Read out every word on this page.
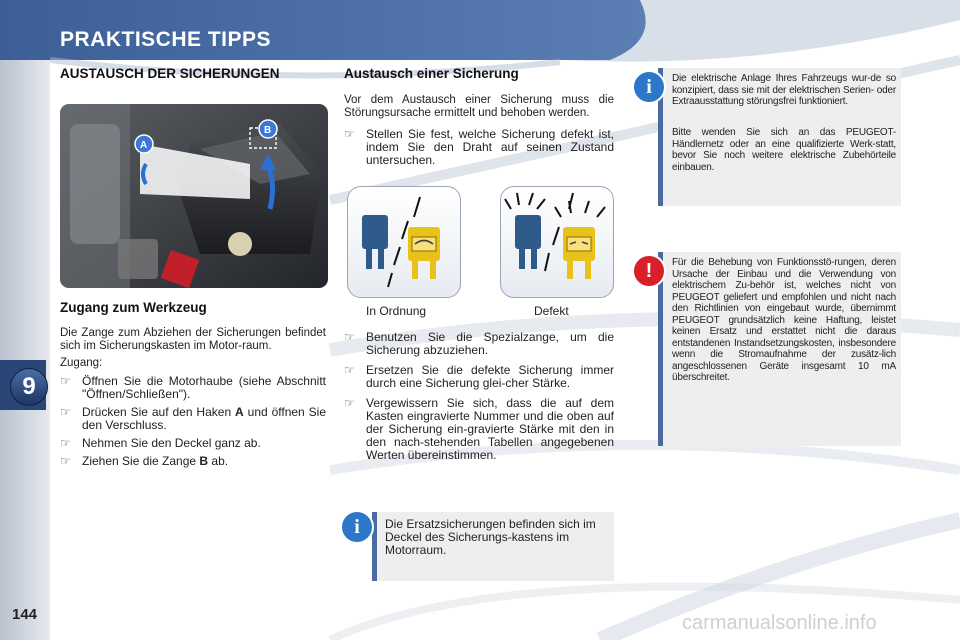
PRAKTISCHE TIPPS
AUSTAUSCH DER SICHERUNGEN
9
A
B
Zugang zum Werkzeug

Die Zange zum Abziehen der Sicherungen befindet sich im Sicherungskasten im Motor-raum.

Zugang:

☞ Öffnen Sie die Motorhaube (siehe Abschnitt "Öffnen/Schließen").
☞ Drücken Sie auf den Haken A und öffnen Sie den Verschluss.
☞ Nehmen Sie den Deckel ganz ab.
☞ Ziehen Sie die Zange B ab.
Austausch einer Sicherung

Vor dem Austausch einer Sicherung muss die Störungsursache ermittelt und behoben werden.

☞ Stellen Sie fest, welche Sicherung defekt ist, indem Sie den Draht auf seinen Zustand untersuchen.
In Ordnung	Defekt
☞ Benutzen Sie die Spezialzange, um die Sicherung abzuziehen.
☞ Ersetzen Sie die defekte Sicherung immer durch eine Sicherung glei-cher Stärke.
☞ Vergewissern Sie sich, dass die auf dem Kasten eingravierte Nummer und die oben auf der Sicherung ein-gravierte Stärke mit den in den nach-stehenden Tabellen angegebenen Werten übereinstimmen.
Die Ersatzsicherungen befinden sich im Deckel des Sicherungs-kastens im Motorraum.
i
Die elektrische Anlage Ihres Fahrzeugs wur-de so konzipiert, dass sie mit der elektrischen Serien- oder Extraausstattung störungsfrei funktioniert.
Bitte wenden Sie sich an das PEUGEOT-Händlernetz oder an eine qualifizierte Werk-statt, bevor Sie noch weitere elektrische Zubehörteile einbauen.
i
Für die Behebung von Funktionsstö-rungen, deren Ursache der Einbau und die Verwendung von elektrischem Zu-behör ist, welches nicht von PEUGEOT geliefert und empfohlen und nicht nach den Richtlinien von eingebaut wurde, übernimmt PEUGEOT grundsätzlich keine Haftung, leistet keinen Ersatz und erstattet nicht die daraus entstandenen Instandsetzungskosten, insbesondere wenn die Stromaufnahme der zusätz-lich angeschlossenen Geräte insgesamt 10 mA überschreitet.
!
144	carmanualsonline.info
